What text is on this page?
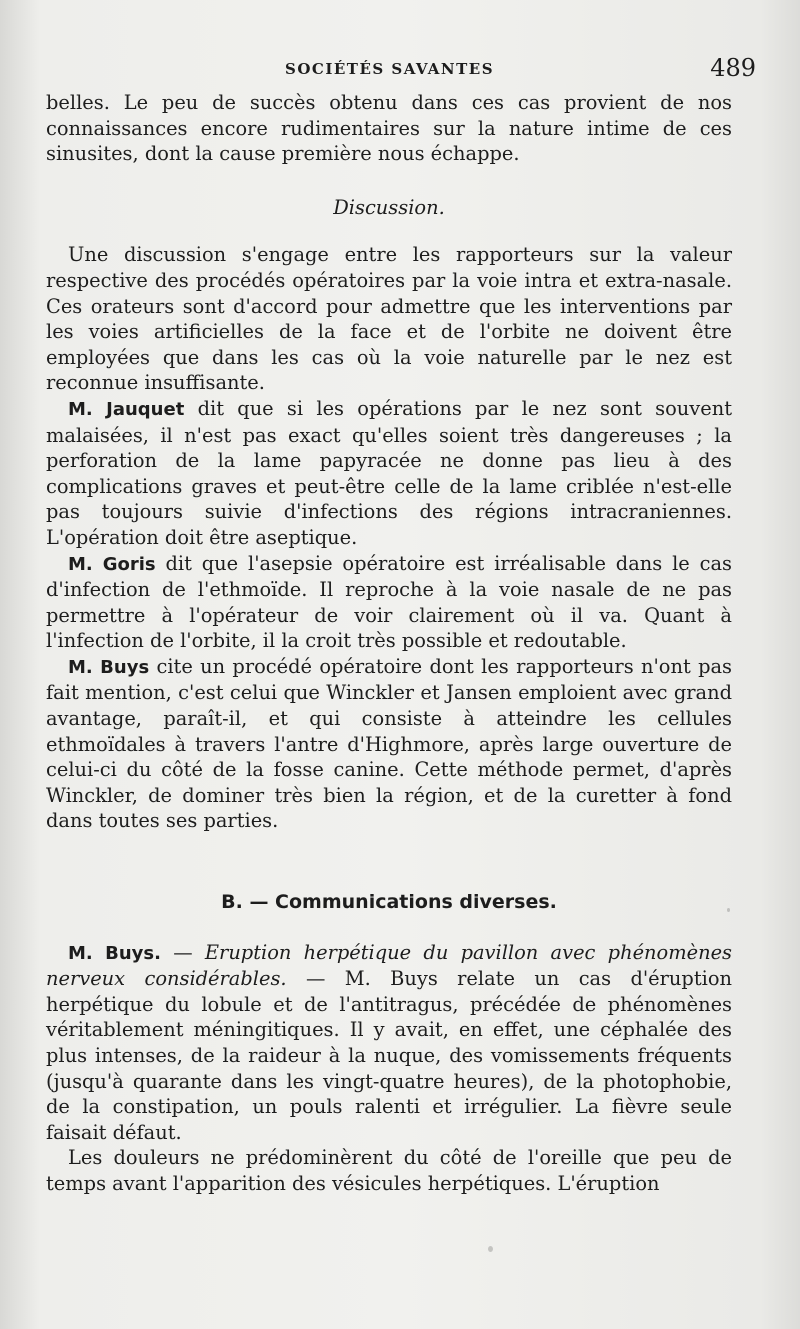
SOCIÉTÉS SAVANTES	489

belles. Le peu de succès obtenu dans ces cas provient de nos connaissances encore rudimentaires sur la nature intime de ces sinusites, dont la cause première nous échappe.

Discussion.

Une discussion s'engage entre les rapporteurs sur la valeur respective des procédés opératoires par la voie intra et extra-nasale. Ces orateurs sont d'accord pour admettre que les interventions par les voies artificielles de la face et de l'orbite ne doivent être employées que dans les cas où la voie naturelle par le nez est reconnue insuffisante.

M. Jauquet dit que si les opérations par le nez sont souvent malaisées, il n'est pas exact qu'elles soient très dangereuses ; la perforation de la lame papyracée ne donne pas lieu à des complications graves et peut-être celle de la lame criblée n'est-elle pas toujours suivie d'infections des régions intracraniennes. L'opération doit être aseptique.

M. Goris dit que l'asepsie opératoire est irréalisable dans le cas d'infection de l'ethmoïde. Il reproche à la voie nasale de ne pas permettre à l'opérateur de voir clairement où il va. Quant à l'infection de l'orbite, il la croit très possible et redoutable.

M. Buys cite un procédé opératoire dont les rapporteurs n'ont pas fait mention, c'est celui que Winckler et Jansen emploient avec grand avantage, paraît-il, et qui consiste à atteindre les cellules ethmoïdales à travers l'antre d'Highmore, après large ouverture de celui-ci du côté de la fosse canine. Cette méthode permet, d'après Winckler, de dominer très bien la région, et de la curetter à fond dans toutes ses parties.

B. — Communications diverses.

M. Buys. — Eruption herpétique du pavillon avec phénomènes nerveux considérables. — M. Buys relate un cas d'éruption herpétique du lobule et de l'antitragus, précédée de phénomènes véritablement méningitiques. Il y avait, en effet, une céphalée des plus intenses, de la raideur à la nuque, des vomissements fréquents (jusqu'à quarante dans les vingt-quatre heures), de la photophobie, de la constipation, un pouls ralenti et irrégulier. La fièvre seule faisait défaut.

Les douleurs ne prédominèrent du côté de l'oreille que peu de temps avant l'apparition des vésicules herpétiques. L'éruption
